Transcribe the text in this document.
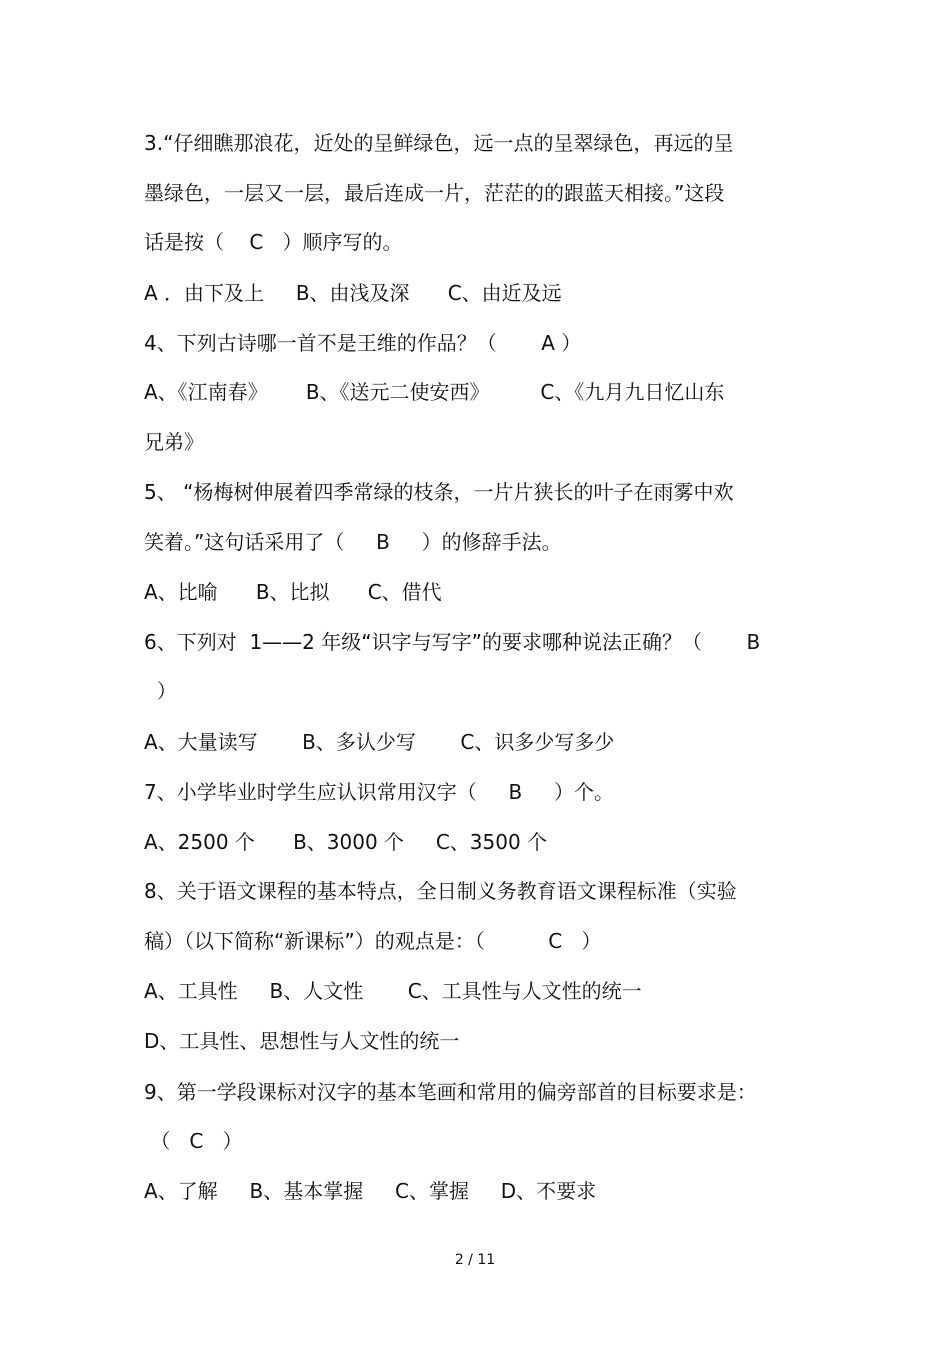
3.“仔细瞧那浪花，近处的呈鲜绿色，远一点的呈翠绿色，再远的呈
墨绿色，一层又一层，最后连成一片，茫茫的的跟蓝天相接。”这段
话是按（    C   ）顺序写的。
A ．由下及上     B、由浅及深      C、由近及远
4、下列古诗哪一首不是王维的作品？（       A ）
A、《江南春》      B、《送元二使安西》        C、《九月九日忆山东
兄弟》
5、 “杨梅树伸展着四季常绿的枝条，一片片狭长的叶子在雨雾中欢
笑着。”这句话采用了（     B     ）的修辞手法。
A、比喻      B、比拟      C、借代
6、下列对  1——2 年级“识字与写字”的要求哪种说法正确？（       B
）
A、大量读写       B、多认少写       C、识多少写多少
7、小学毕业时学生应认识常用汉字（     B     ）个。
A、2500 个      B、3000 个     C、3500 个
8、关于语文课程的基本特点，全日制义务教育语文课程标准（实验
稿）（以下简称“新课标”）的观点是：（          C   ）
A、工具性     B、人文性       C、工具性与人文性的统一
D、工具性、思想性与人文性的统一
9、第一学段课标对汉字的基本笔画和常用的偏旁部首的目标要求是：
（   C   ）
A、了解     B、基本掌握     C、掌握     D、不要求
2 / 11
